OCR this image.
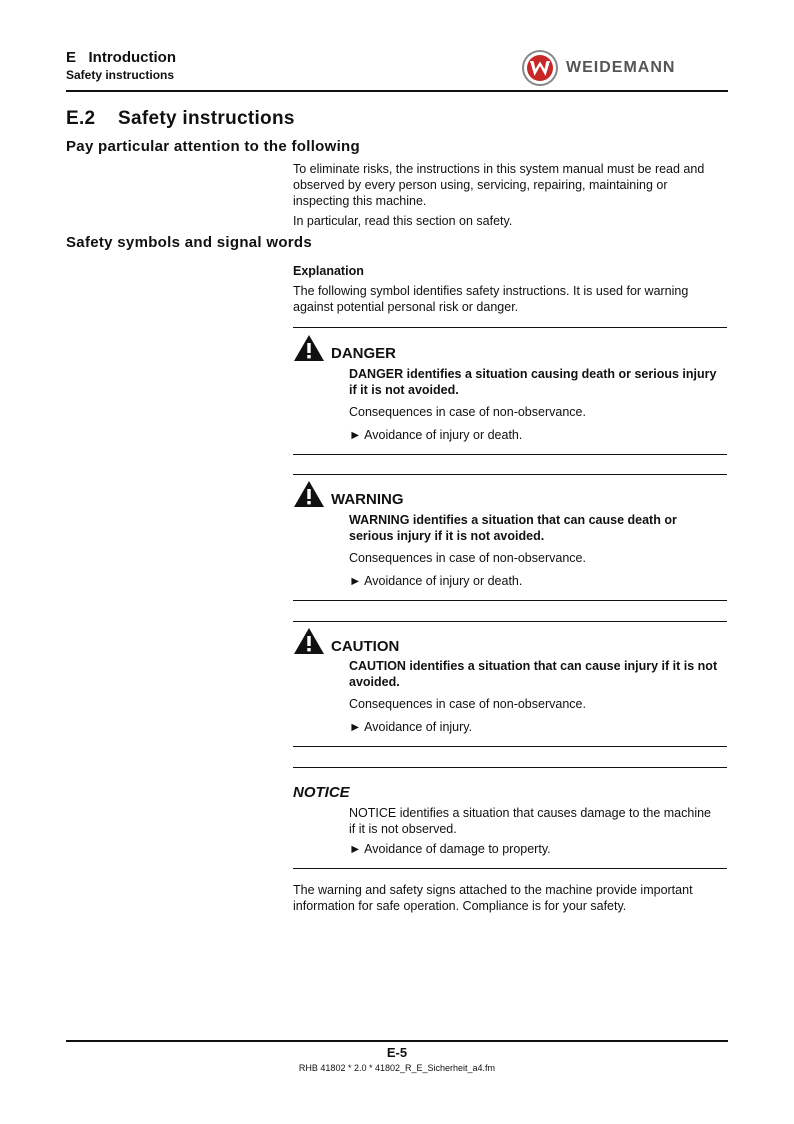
E   Introduction
Safety instructions	WEIDEMANN
E.2 Safety instructions
Pay particular attention to the following

To eliminate risks, the instructions in this system manual must be read and observed by every person using, servicing, repairing, maintaining or inspecting this machine.

In particular, read this section on safety.

Safety symbols and signal words

Explanation

The following symbol identifies safety instructions. It is used for warning against potential personal risk or danger.

DANGER

DANGER identifies a situation causing death or serious injury if it is not avoided.

Consequences in case of non-observance.

► Avoidance of injury or death.

WARNING

WARNING identifies a situation that can cause death or serious injury if it is not avoided.

Consequences in case of non-observance.

► Avoidance of injury or death.

CAUTION

CAUTION identifies a situation that can cause injury if it is not avoided.

Consequences in case of non-observance.

► Avoidance of injury.

NOTICE

NOTICE identifies a situation that causes damage to the machine if it is not observed.

► Avoidance of damage to property.

The warning and safety signs attached to the machine provide important information for safe operation. Compliance is for your safety.
E-5
RHB 41802 * 2.0 * 41802_R_E_Sicherheit_a4.fm
